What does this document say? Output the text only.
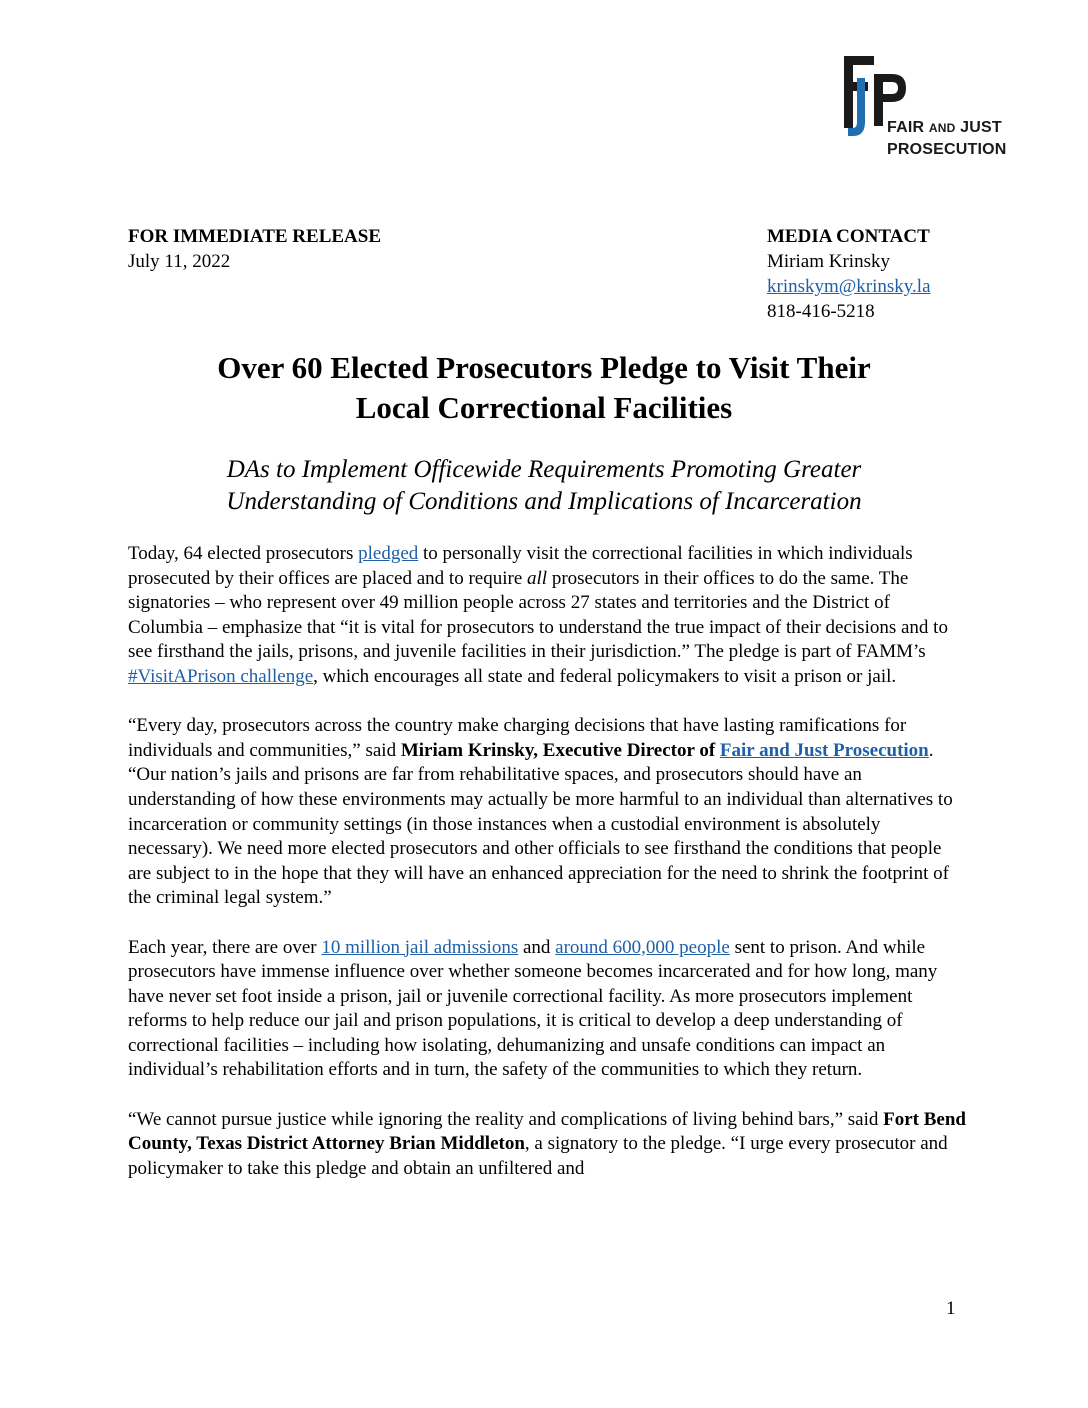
FAIR AND JUST
PROSECUTION
FOR IMMEDIATE RELEASE
July 11, 2022
MEDIA CONTACT
Miriam Krinsky
krinskym@krinsky.la
818-416-5218
Over 60 Elected Prosecutors Pledge to Visit Their
Local Correctional Facilities
DAs to Implement Officewide Requirements Promoting Greater
Understanding of Conditions and Implications of Incarceration

Today, 64 elected prosecutors pledged to personally visit the correctional facilities in which individuals prosecuted by their offices are placed and to require all prosecutors in their offices to do the same. The signatories – who represent over 49 million people across 27 states and territories and the District of Columbia – emphasize that “it is vital for prosecutors to understand the true impact of their decisions and to see firsthand the jails, prisons, and juvenile facilities in their jurisdiction.” The pledge is part of FAMM’s #VisitAPrison challenge, which encourages all state and federal policymakers to visit a prison or jail.

“Every day, prosecutors across the country make charging decisions that have lasting ramifications for individuals and communities,” said Miriam Krinsky, Executive Director of Fair and Just Prosecution. “Our nation’s jails and prisons are far from rehabilitative spaces, and prosecutors should have an understanding of how these environments may actually be more harmful to an individual than alternatives to incarceration or community settings (in those instances when a custodial environment is absolutely necessary). We need more elected prosecutors and other officials to see firsthand the conditions that people are subject to in the hope that they will have an enhanced appreciation for the need to shrink the footprint of the criminal legal system.”

Each year, there are over 10 million jail admissions and around 600,000 people sent to prison. And while prosecutors have immense influence over whether someone becomes incarcerated and for how long, many have never set foot inside a prison, jail or juvenile correctional facility. As more prosecutors implement reforms to help reduce our jail and prison populations, it is critical to develop a deep understanding of correctional facilities – including how isolating, dehumanizing and unsafe conditions can impact an individual’s rehabilitation efforts and in turn, the safety of the communities to which they return.

“We cannot pursue justice while ignoring the reality and complications of living behind bars,” said Fort Bend County, Texas District Attorney Brian Middleton, a signatory to the pledge. “I urge every prosecutor and policymaker to take this pledge and obtain an unfiltered and

1
